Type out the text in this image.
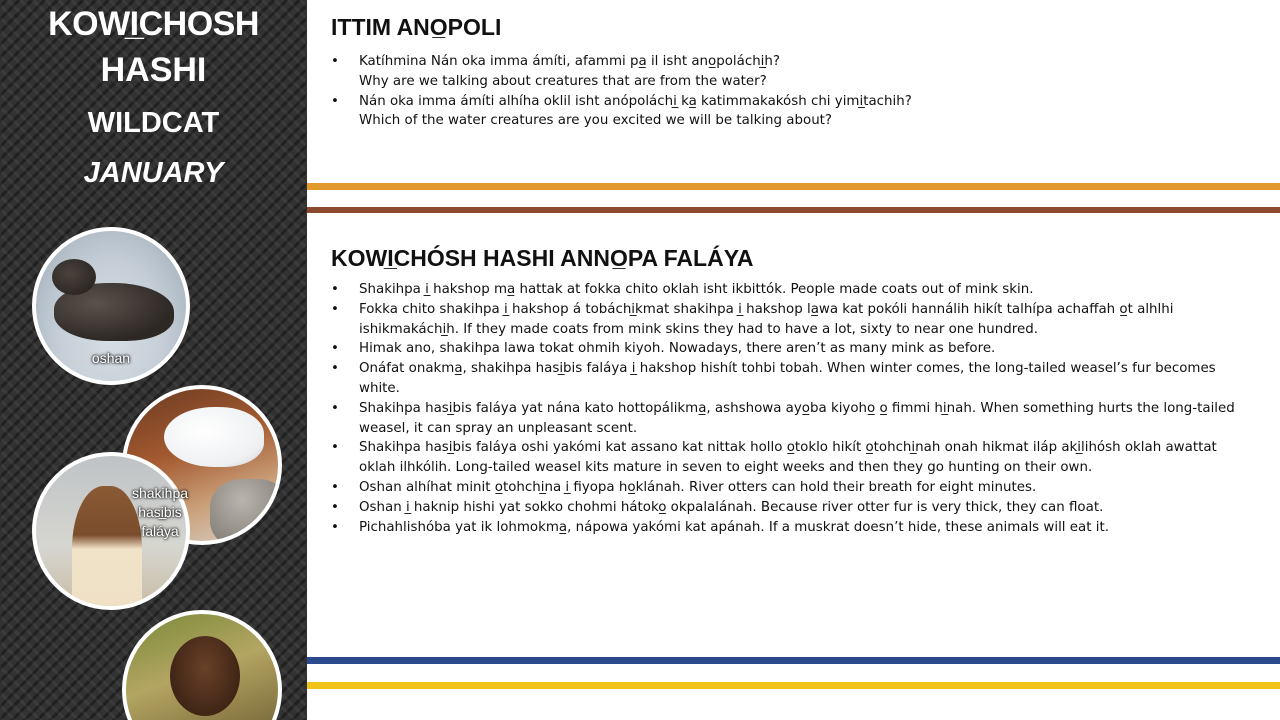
KOWI̲CHOSH
HASHI
WILDCAT
JANUARY
oshan
shakihpa hasi̲bis faláya
ITTIM ANO̲POLI
• Katíhmina Nán oka imma ámíti, afammi pa̲ il isht ano̲poláchi̲h?
Why are we talking about creatures that are from the water?
• Nán oka imma ámíti alhíha oklil isht anópoláchi̲ ka̲ katimmakakósh chi yimi̲tachih?
Which of the water creatures are you excited we will be talking about?
KOWI̲CHÓSH HASHI ANNO̲PA FALÁYA
• Shakihpa i̲ hakshop ma̲ hattak at fokka chito oklah isht ikbittók. People made coats out of mink skin.
• Fokka chito shakihpa i̲ hakshop á tobáchi̲kmat shakihpa i̲ hakshop la̲wa kat pokóli hannálih hikít talhípa achaffah o̲t alhlhi ishikmakáchi̲h. If they made coats from mink skins they had to have a lot, sixty to near one hundred.
• Himak ano, shakihpa lawa tokat ohmih kiyoh. Nowadays, there aren’t as many mink as before.
• Onáfat onakma̲, shakihpa hasi̲bis faláya i̲ hakshop hishít tohbi tobah. When winter comes, the long-tailed weasel’s fur becomes white.
• Shakihpa hasi̲bis faláya yat nána kato hottopálikma̲, ashshowa ayo̲ba kiyoho̲ o̲ fimmi hi̲nah. When something hurts the long-tailed weasel, it can spray an unpleasant scent.
• Shakihpa hasi̲bis faláya oshi yakómi kat assano kat nittak hollo o̲toklo hikít o̲tohchi̲nah onah hikmat iláp aki̲lihósh oklah awattat oklah ilhkólih. Long-tailed weasel kits mature in seven to eight weeks and then they go hunting on their own.
• Oshan alhíhat minit o̲tohchi̲na i̲ fiyopa ho̲klánah. River otters can hold their breath for eight minutes.
• Oshan i̲ haknip hishi yat sokko chohmi hátoko̲ okpalalánah. Because river otter fur is very thick, they can float.
• Pichahlishóba yat ik lohmokma̲, nápowa yakómi kat apánah. If a muskrat doesn’t hide, these animals will eat it.
